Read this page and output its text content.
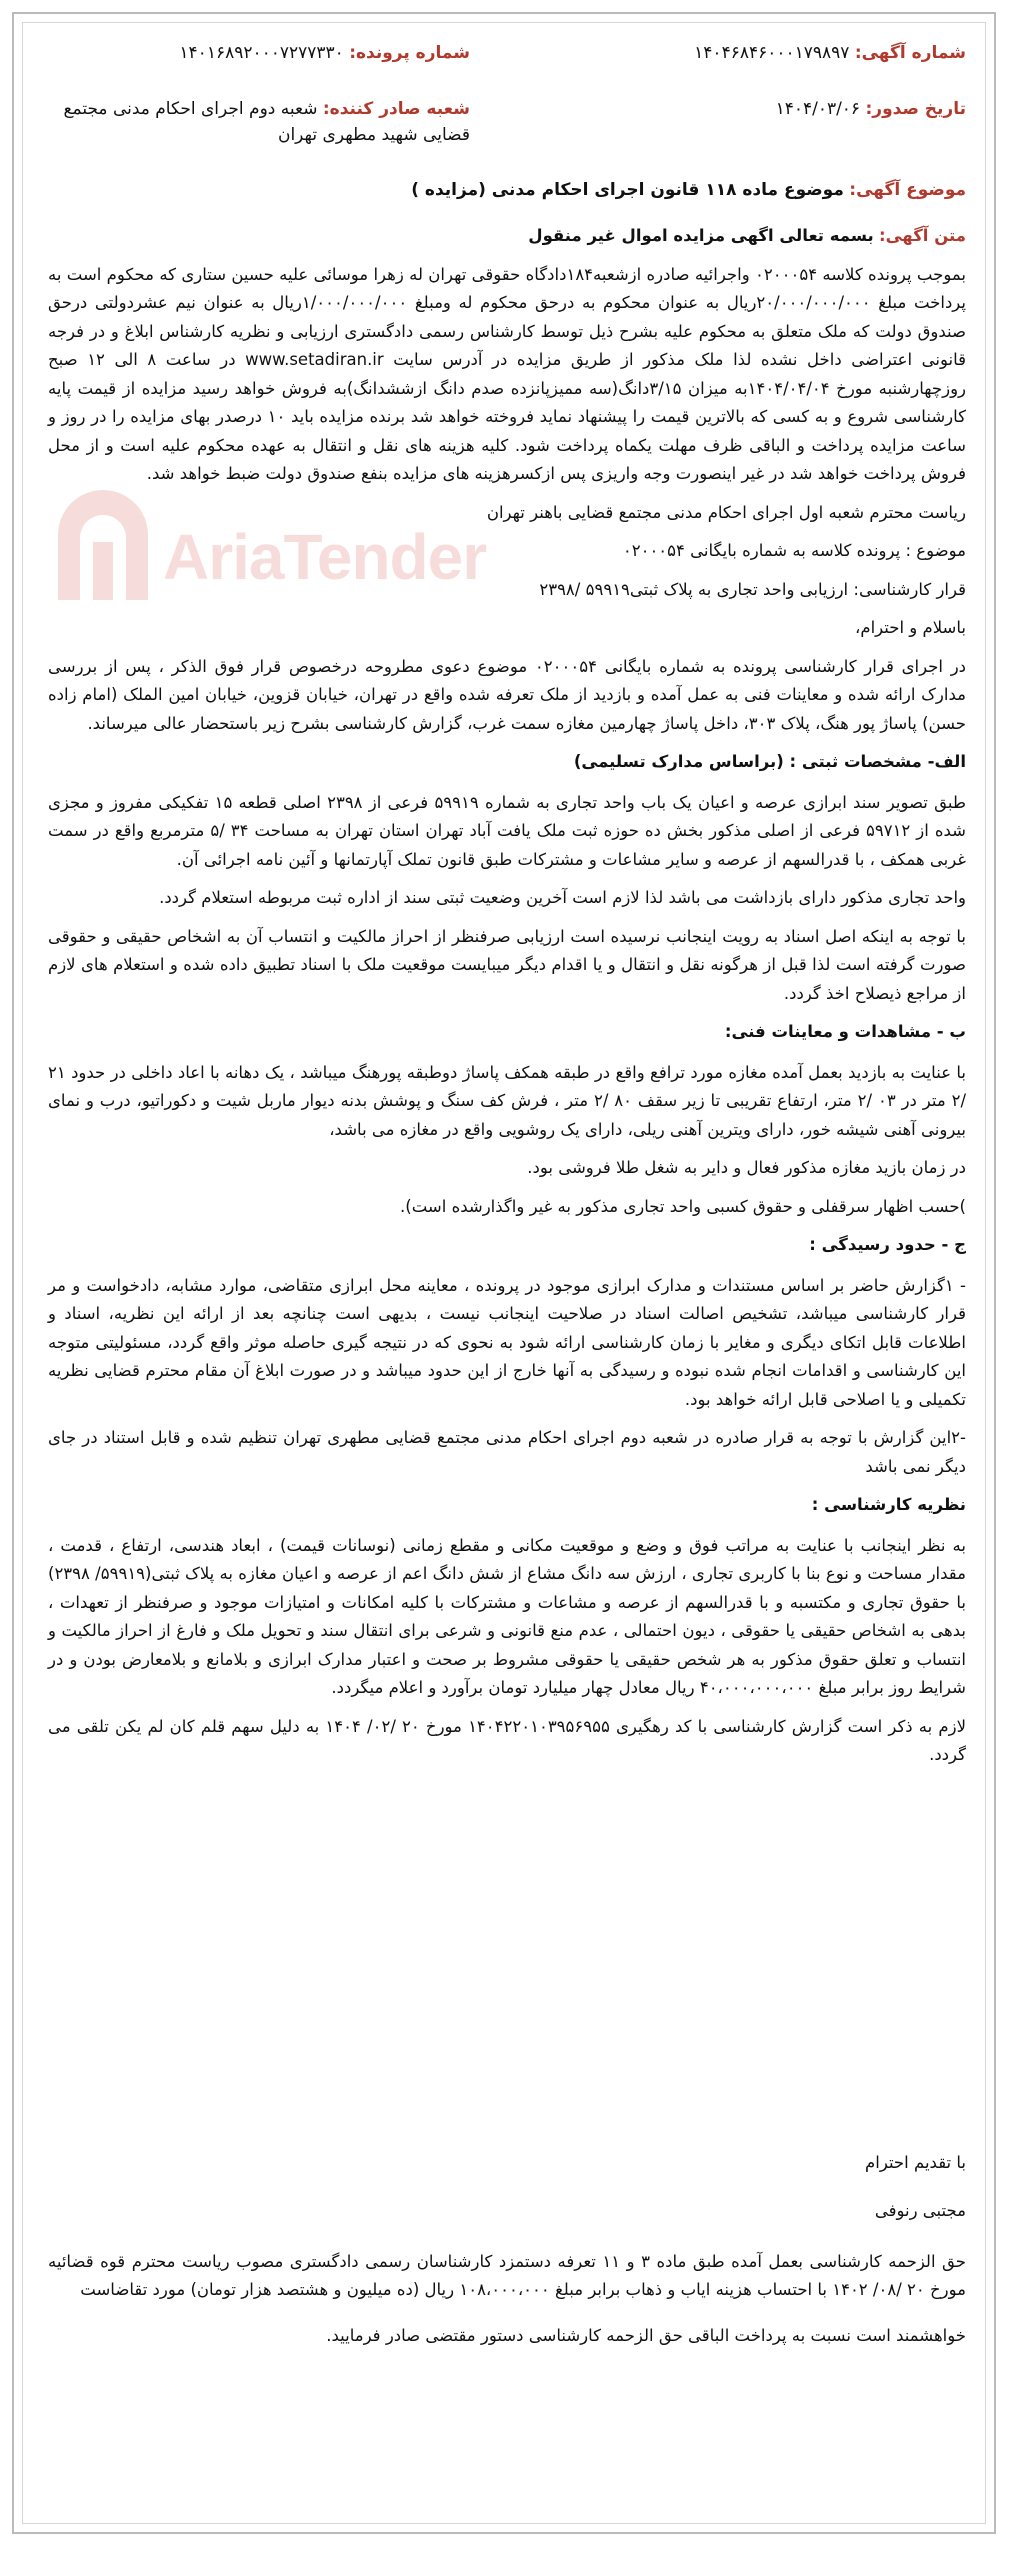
شماره آگهی: ۱۴۰۴۶۸۴۶۰۰۰۱۷۹۸۹۷
تاریخ صدور: ۱۴۰۴/۰۳/۰۶
شماره پرونده: ۱۴۰۱۶۸۹۲۰۰۰۷۲۷۷۳۳۰
شعبه صادر کننده: شعبه دوم اجرای احکام مدنی مجتمع قضایی شهید مطهری تهران
موضوع آگهی: موضوع ماده ۱۱۸ قانون اجرای احکام مدنی (مزایده )
AriaTender

متن آگهی: بسمه تعالی اگهی مزایده اموال غیر منقول

بموجب پرونده کلاسه ۰۲۰۰۰۵۴ واجرائیه صادره ازشعبه۱۸۴دادگاه حقوقی تهران له زهرا موسائی علیه حسین ستاری که محکوم است به پرداخت مبلغ ۲۰/۰۰۰/۰۰۰/۰۰۰ریال به عنوان محکوم به درحق محکوم له ومبلغ ۱/۰۰۰/۰۰۰/۰۰۰ریال به عنوان نیم عشردولتی درحق صندوق دولت که ملک متعلق به محکوم علیه بشرح ذیل توسط کارشناس رسمی دادگستری ارزیابی و نظریه کارشناس ابلاغ و در فرجه قانونی اعتراضی داخل نشده لذا ملک مذکور از طریق مزایده در آدرس سایت www.setadiran.ir در ساعت ۸ الی ۱۲ صبح روزچهارشنبه مورخ ۱۴۰۴/۰۴/۰۴به میزان ۳/۱۵دانگ(سه ممیزپانزده صدم دانگ ازششدانگ)به فروش خواهد رسید مزایده از قیمت پایه کارشناسی شروع و به کسی که بالاترین قیمت را پیشنهاد نماید فروخته خواهد شد برنده مزایده باید ۱۰ درصدر بهای مزایده را در روز و ساعت مزایده پرداخت و الباقی ظرف مهلت یکماه پرداخت شود. کلیه هزینه های نقل و انتقال به عهده محکوم علیه است و از محل فروش پرداخت خواهد شد در غیر اینصورت وجه واریزی پس ازکسرهزینه های مزایده بنفع صندوق دولت ضبط خواهد شد.

ریاست محترم شعبه اول اجرای احکام مدنی مجتمع قضایی باهنر تهران

موضوع : پرونده کلاسه به شماره بایگانی ۰۲۰۰۰۵۴

قرار کارشناسی: ارزیابی واحد تجاری به پلاک ثبتی۵۹۹۱۹ /۲۳۹۸

باسلام و احترام،

در اجرای قرار کارشناسی پرونده به شماره بایگانی ۰۲۰۰۰۵۴ موضوع دعوی مطروحه درخصوص قرار فوق الذکر ، پس از بررسی مدارک ارائه شده و معاینات فنی به عمل آمده و بازدید از ملک تعرفه شده واقع در تهران، خیابان قزوین، خیابان امین الملک (امام زاده حسن) پاساژ پور هنگ، پلاک ۳۰۳، داخل پاساژ چهارمین مغازه سمت غرب، گزارش کارشناسی بشرح زیر باستحضار عالی میرساند.

الف- مشخصات ثبتی : (براساس مدارک تسلیمی)

طبق تصویر سند ابرازی عرصه و اعیان یک باب واحد تجاری به شماره ۵۹۹۱۹ فرعی از ۲۳۹۸ اصلی قطعه ۱۵ تفکیکی مفروز و مجزی شده از ۵۹۷۱۲ فرعی از اصلی مذکور بخش ده حوزه ثبت ملک یافت آباد تهران استان تهران به مساحت ۳۴ /۵ مترمربع واقع در سمت غربی همکف ، با قدرالسهم از عرصه و سایر مشاعات و مشترکات طبق قانون تملک آپارتمانها و آئین نامه اجرائی آن.

واحد تجاری مذکور دارای بازداشت می باشد لذا لازم است آخرین وضعیت ثبتی سند از اداره ثبت مربوطه استعلام گردد.

با توجه به اینکه اصل اسناد به رویت اینجانب نرسیده است ارزیابی صرفنظر از احراز مالکیت و انتساب آن به اشخاص حقیقی و حقوقی صورت گرفته است لذا قبل از هرگونه نقل و انتقال و یا اقدام دیگر میبایست موقعیت ملک با اسناد تطبیق داده شده و استعلام های لازم از مراجع ذیصلاح اخذ گردد.

ب - مشاهدات و معاینات فنی:

با عنایت به بازدید بعمل آمده مغازه مورد ترافع واقع در طبقه همکف پاساژ دوطبقه پورهنگ میباشد ، یک دهانه با اعاد داخلی در حدود ۲۱ /۲ متر در ۰۳ /۲ متر، ارتفاع تقریبی تا زیر سقف ۸۰ /۲ متر ، فرش کف سنگ و پوشش بدنه دیوار ماربل شیت و دکوراتیو، درب و نمای بیرونی آهنی شیشه خور، دارای ویترین آهنی ریلی، دارای یک روشویی واقع در مغازه می باشد،

در زمان بازید مغازه مذکور فعال و دایر به شغل طلا فروشی بود.

)حسب اظهار سرقفلی و حقوق کسبی واحد تجاری مذکور به غیر واگذارشده است).

ج - حدود رسیدگی :

- ۱گزارش حاضر بر اساس مستندات و مدارک ابرازی موجود در پرونده ، معاینه محل ابرازی متقاضی، موارد مشابه، دادخواست و مر قرار کارشناسی میباشد، تشخیص اصالت اسناد در صلاحیت اینجانب نیست ، بدیهی است چنانچه بعد از ارائه این نظریه، اسناد و اطلاعات قابل اتکای دیگری و مغایر با زمان کارشناسی ارائه شود به نحوی که در نتیجه گیری حاصله موثر واقع گردد، مسئولیتی متوجه این کارشناسی و اقدامات انجام شده نبوده و رسیدگی به آنها خارج از این حدود میباشد و در صورت ابلاغ آن مقام محترم قضایی نظریه تکمیلی و یا اصلاحی قابل ارائه خواهد بود.

-۲این گزارش با توجه به قرار صادره در شعبه دوم اجرای احکام مدنی مجتمع قضایی مطهری تهران تنظیم شده و قابل استناد در جای دیگر نمی باشد

نظریه کارشناسی :

به نظر اینجانب با عنایت به مراتب فوق و وضع و موقعیت مکانی و مقطع زمانی (نوسانات قیمت) ، ابعاد هندسی، ارتفاع ، قدمت ، مقدار مساحت و نوع بنا با کاربری تجاری ، ارزش سه دانگ مشاع از شش دانگ اعم از عرصه و اعیان مغازه به پلاک ثبتی(۵۹۹۱۹/ ۲۳۹۸) با حقوق تجاری و مکتسبه و با قدرالسهم از عرصه و مشاعات و مشترکات با کلیه امکانات و امتیازات موجود و صرفنظر از تعهدات ، بدهی به اشخاص حقیقی یا حقوقی ، دیون احتمالی ، عدم منع قانونی و شرعی برای انتقال سند و تحویل ملک و فارغ از احراز مالکیت و انتساب و تعلق حقوق مذکور به هر شخص حقیقی یا حقوقی مشروط بر صحت و اعتبار مدارک ابرازی و بلامانع و بلامعارض بودن و در شرایط روز برابر مبلغ ۴۰،۰۰۰،۰۰۰،۰۰۰ ریال معادل چهار میلیارد تومان برآورد و اعلام میگردد.

لازم به ذکر است گزارش کارشناسی با کد رهگیری ۱۴۰۴۲۲۰۱۰۳۹۵۶۹۵۵ مورخ ۲۰ /۰۲/ ۱۴۰۴ به دلیل سهم قلم کان لم یکن تلقی می گردد.

با تقدیم احترام
مجتبی رنوفی

حق الزحمه کارشناسی بعمل آمده طبق ماده ۳ و ۱۱ تعرفه دستمزد کارشناسان رسمی دادگستری مصوب ریاست محترم قوه قضائیه مورخ ۲۰ /۰۸/ ۱۴۰۲ با احتساب هزینه ایاب و ذهاب برابر مبلغ ۱۰۸،۰۰۰،۰۰۰ ریال (ده میلیون و هشتصد هزار تومان) مورد تقاضاست

خواهشمند است نسبت به پرداخت الباقی حق الزحمه کارشناسی دستور مقتضی صادر فرمایید.
